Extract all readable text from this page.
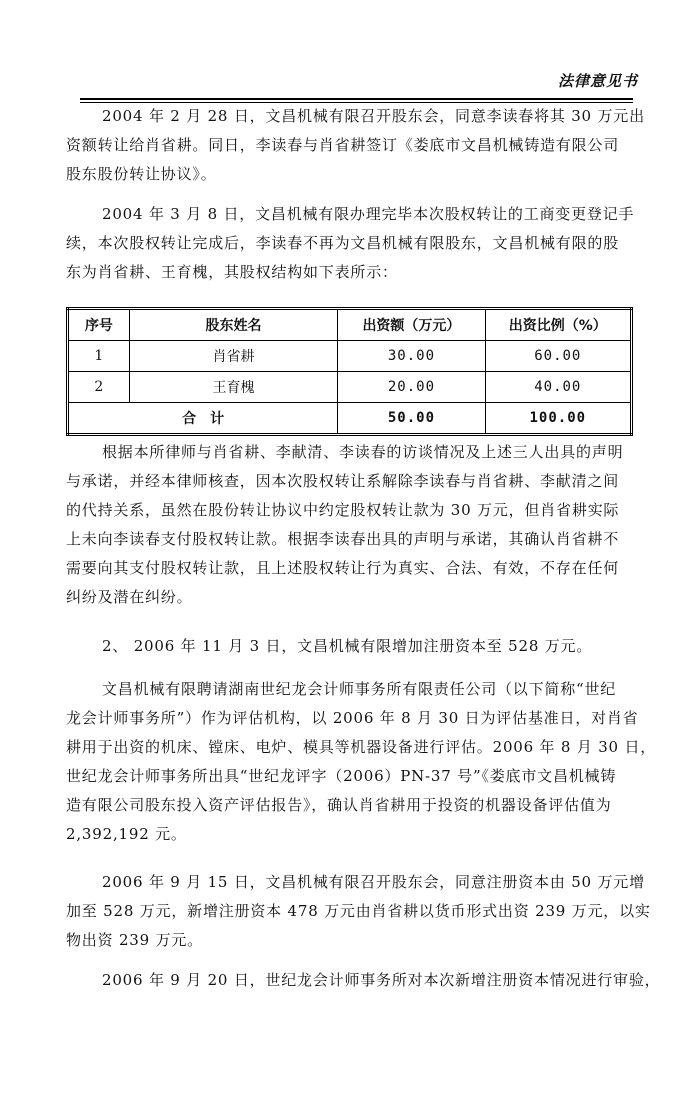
法律意见书
2004 年 2 月 28 日，文昌机械有限召开股东会，同意李读春将其 30 万元出
资额转让给肖省耕。同日，李读春与肖省耕签订《娄底市文昌机械铸造有限公司
股东股份转让协议》。
2004 年 3 月 8 日，文昌机械有限办理完毕本次股权转让的工商变更登记手
续，本次股权转让完成后，李读春不再为文昌机械有限股东，文昌机械有限的股
东为肖省耕、王育槐，其股权结构如下表所示：
序号	股东姓名	出资额（万元）	出资比例（%）
1	肖省耕	30.00	60.00
2	王育槐	20.00	40.00
合　计		50.00	100.00
根据本所律师与肖省耕、李献清、李读春的访谈情况及上述三人出具的声明
与承诺，并经本律师核查，因本次股权转让系解除李读春与肖省耕、李献清之间
的代持关系，虽然在股份转让协议中约定股权转让款为 30 万元，但肖省耕实际
上未向李读春支付股权转让款。根据李读春出具的声明与承诺，其确认肖省耕不
需要向其支付股权转让款，且上述股权转让行为真实、合法、有效，不存在任何
纠纷及潜在纠纷。
2、 2006 年 11 月 3 日，文昌机械有限增加注册资本至 528 万元。
文昌机械有限聘请湖南世纪龙会计师事务所有限责任公司（以下简称“世纪
龙会计师事务所”）作为评估机构，以 2006 年 8 月 30 日为评估基准日，对肖省
耕用于出资的机床、镗床、电炉、模具等机器设备进行评估。2006 年 8 月 30 日，
世纪龙会计师事务所出具“世纪龙评字（2006）PN-37 号”《娄底市文昌机械铸
造有限公司股东投入资产评估报告》，确认肖省耕用于投资的机器设备评估值为
2,392,192 元。
2006 年 9 月 15 日，文昌机械有限召开股东会，同意注册资本由 50 万元增
加至 528 万元，新增注册资本 478 万元由肖省耕以货币形式出资 239 万元，以实
物出资 239 万元。
2006 年 9 月 20 日，世纪龙会计师事务所对本次新增注册资本情况进行审验，
